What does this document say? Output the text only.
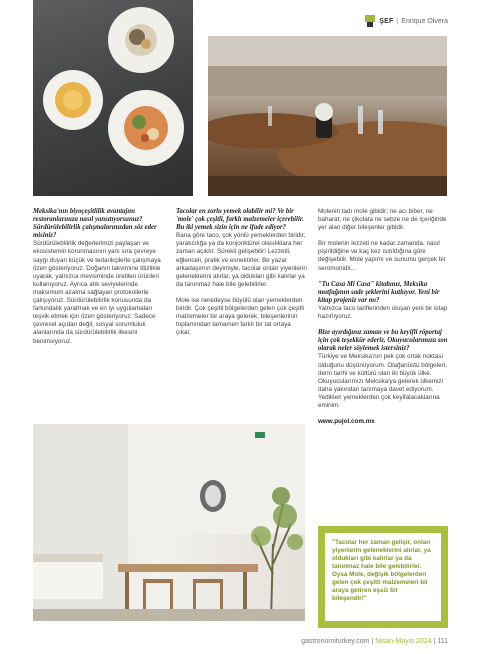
ŞEF | Enrique Olvera
Meksika'nın biyoçeşitlilik avantajını restoranlarınıza nasıl yansıtıyorsunuz? Sürdürülebilirlik çalışmalarınızdan söz eder misiniz?

Sürdürülebilirlik değerlerimizi paylaşan ve ekosistemin korunmasının yanı sıra çevreye saygı duyan küçük ve tedarikçilerle çalışmaya özen gösteriyoruz. Doğanın takvimine titizlikle uyarak, yalnızca mevsiminde üretilen ürünleri kullanıyoruz. Ayrıca atık seviyelerinde maksimum azalma sağlayan protokollerle çalışıyoruz. Sürdürülebilirlik konusunda da farkındalık yaratmak ve en iyi uygulamaları teşvik etmek için özen gösteriyoruz. Sadece çevresel açıdan değil, sosyal sorumluluk alanlarında da sürdürülebilirlik ilkesini benimsiyoruz.

Tacolar en zorlu yemek olabilir mi? Ve bir 'mole' çok çeşitli, farklı malzemeler içerebilir. Bu iki yemek sizin için ne ifade ediyor?

Bana göre taco, çok yönlü yemeklerden biridir; yaratıcılığa ya da konjonktürel olasılıklara her zaman açıktır. Sürekli gelişebilir! Lezzetli, eğlenceli, pratik ve esnektirler. Bir yazar arkadaşımın deyimiyle, tacolar onları yiyenlerin geleneklerini alırlar, ya oldukları gibi kalırlar ya da tanınmaz hale bile gelebilirler.

Mole ise neredeyse büyülü olan yemeklerden biridir. Çok çeşitli bölgelerden gelen çok çeşitli malzemeler bir araya gelerek, bileşenlerinin toplamından tamamen farklı bir tat ortaya çıkar.

Molenin tadı mole gibidir; ne acı biber, ne baharat, ne çikolata ne sebze ne de içeriğinde yer alan diğer bileşenler gibidir.

Bir molenin lezzeti ne kadar zamanda, nasıl pişirildiğine ve kaç kez ısıtıldığına göre değişebilir. Mole yapımı ve sunumu gerçek bir seromonidir...

"Tu Casa Mi Casa" kitabınız, Meksika mutfağının sade şeklerini kutluyor. Yeni bir kitap projeniz var mı?

Yalnızca taco tariflerinden oluşan yeni bir kitap hazırlıyoruz.

Bize ayırdığınız zaman ve bu keyifli röportaj için çok teşekkür ederiz. Okuyucularımıza son olarak neler söylemek istersiniz?

Türkiye ve Meksika'nın pek çok ortak noktası olduğunu düşünüyorum. Olağanüstü bölgeleri, derin tarihi ve kültürü olan iki büyük ülke. Okuyucularımızı Meksika'ya gelerek ülkemizi daha yakından tanımaya davet ediyorum. Yedikleri yemeklerden çok keyifalacaklarına eminim.

www.pujol.com.mx
"Tacolar her zaman gelişir, onları yiyenlerin geleneklerini alırlar, ya oldukları gibi kalırlar ya da tanınmaz hale bile gelebilirler. Oysa Mole, değişik bölgelerden gelen çok çeşitli malzemeleri bir araya getiren eşsiz bir bileşendir!"
gastronomiturkey.com | Nisan-Mayıs 2024 | 111
